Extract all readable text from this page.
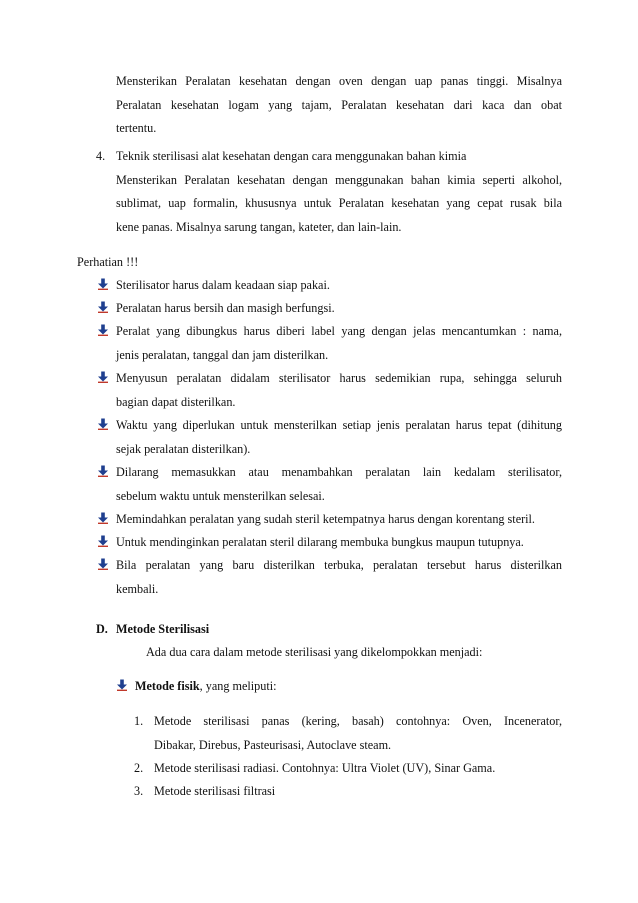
Mensterikan Peralatan kesehatan dengan oven dengan uap panas tinggi. Misalnya
Peralatan kesehatan logam yang tajam, Peralatan kesehatan dari kaca dan obat
tertentu.
4. Teknik sterilisasi alat kesehatan dengan cara menggunakan bahan kimia
Mensterikan Peralatan kesehatan dengan menggunakan bahan kimia seperti alkohol,
sublimat, uap formalin, khususnya untuk Peralatan kesehatan yang cepat rusak bila
kene panas. Misalnya sarung tangan, kateter, dan lain-lain.
Perhatian !!!
Sterilisator harus dalam keadaan siap pakai.
Peralatan harus bersih dan masigh berfungsi.
Peralat yang dibungkus harus diberi label yang dengan jelas mencantumkan : nama,
jenis peralatan, tanggal dan jam disterilkan.
Menyusun peralatan didalam sterilisator harus sedemikian rupa, sehingga seluruh
bagian dapat disterilkan.
Waktu yang diperlukan untuk mensterilkan setiap jenis peralatan harus tepat (dihitung
sejak peralatan disterilkan).
Dilarang memasukkan atau menambahkan peralatan lain kedalam sterilisator,
sebelum waktu untuk mensterilkan selesai.
Memindahkan peralatan yang sudah steril ketempatnya harus dengan korentang steril.
Untuk mendinginkan peralatan steril dilarang membuka bungkus maupun tutupnya.
Bila peralatan yang baru disterilkan terbuka, peralatan tersebut harus disterilkan
kembali.
D. Metode Sterilisasi
Ada dua cara dalam metode sterilisasi yang dikelompokkan menjadi:
Metode fisik, yang meliputi:
1. Metode sterilisasi panas (kering, basah) contohnya: Oven, Incenerator,
Dibakar, Direbus, Pasteurisasi, Autoclave steam.
2. Metode sterilisasi radiasi. Contohnya: Ultra Violet (UV), Sinar Gama.
3. Metode sterilisasi filtrasi
